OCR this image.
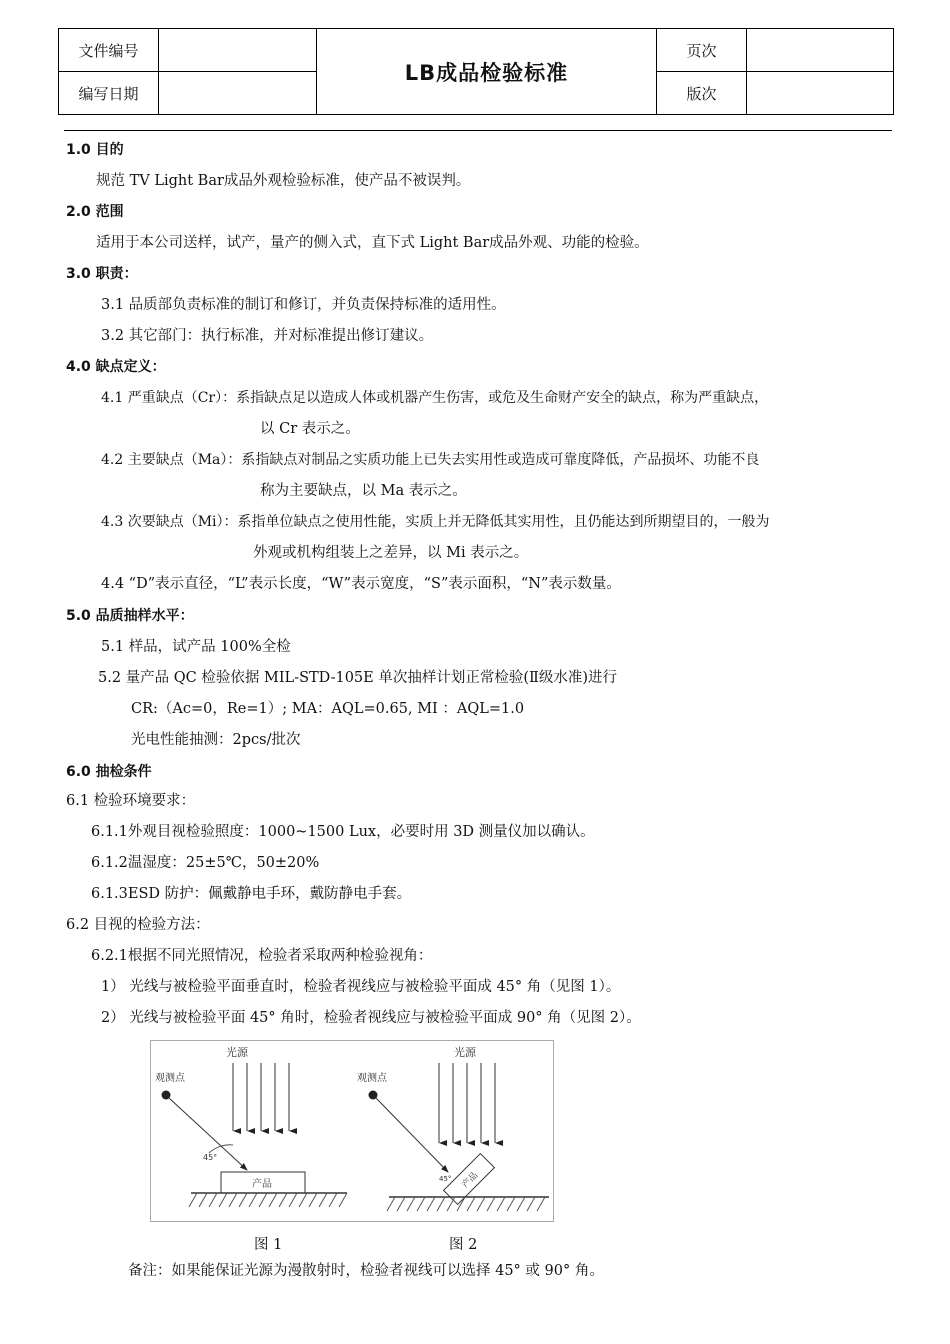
文件编号		LB成品检验标准	页次	
编写日期			版次	
1.0 目的
规范 TV Light Bar成品外观检验标准，使产品不被误判。
2.0 范围
适用于本公司送样，试产，量产的侧入式，直下式 Light Bar成品外观、功能的检验。
3.0 职责：
3.1 品质部负责标准的制订和修订，并负责保持标准的适用性。
3.2 其它部门：执行标准，并对标准提出修订建议。
4.0 缺点定义：
4.1 严重缺点（Cr）：系指缺点足以造成人体或机器产生伤害，或危及生命财产安全的缺点，称为严重缺点，
以 Cr 表示之。
4.2 主要缺点（Ma）：系指缺点对制品之实质功能上已失去实用性或造成可靠度降低，产品损坏、功能不良
称为主要缺点，以 Ma 表示之。
4.3 次要缺点（Mi）：系指单位缺点之使用性能，实质上并无降低其实用性，且仍能达到所期望目的，一般为
外观或机构组装上之差异，以 Mi 表示之。
4.4 “D”表示直径，“L”表示长度，“W”表示宽度，“S”表示面积，“N”表示数量。
5.0 品质抽样水平：
5.1 样品，试产品 100%全检
5.2 量产品 QC 检验依据 MIL-STD-105E 单次抽样计划正常检验(Ⅱ级水准)进行
CR:（Ac=0，Re=1）; MA：AQL=0.65, MI ：AQL=1.0
光电性能抽测：2pcs/批次
6.0 抽检条件
6.1 检验环境要求：
6.1.1外观目视检验照度：1000~1500 Lux，必要时用 3D 测量仪加以确认。
6.1.2温湿度：25±5℃，50±20%
6.1.3ESD 防护：佩戴静电手环，戴防静电手套。
6.2 目视的检验方法：
6.2.1根据不同光照情况，检验者采取两种检验视角：
1） 光线与被检验平面垂直时，检验者视线应与被检验平面成 45° 角（见图 1）。
2） 光线与被检验平面 45° 角时，检验者视线应与被检验平面成 90° 角（见图 2）。
光源
观测点
45°
产品
光源
观测点
产品
45°
图 1	图 2
备注：如果能保证光源为漫散射时，检验者视线可以选择 45° 或 90° 角。
